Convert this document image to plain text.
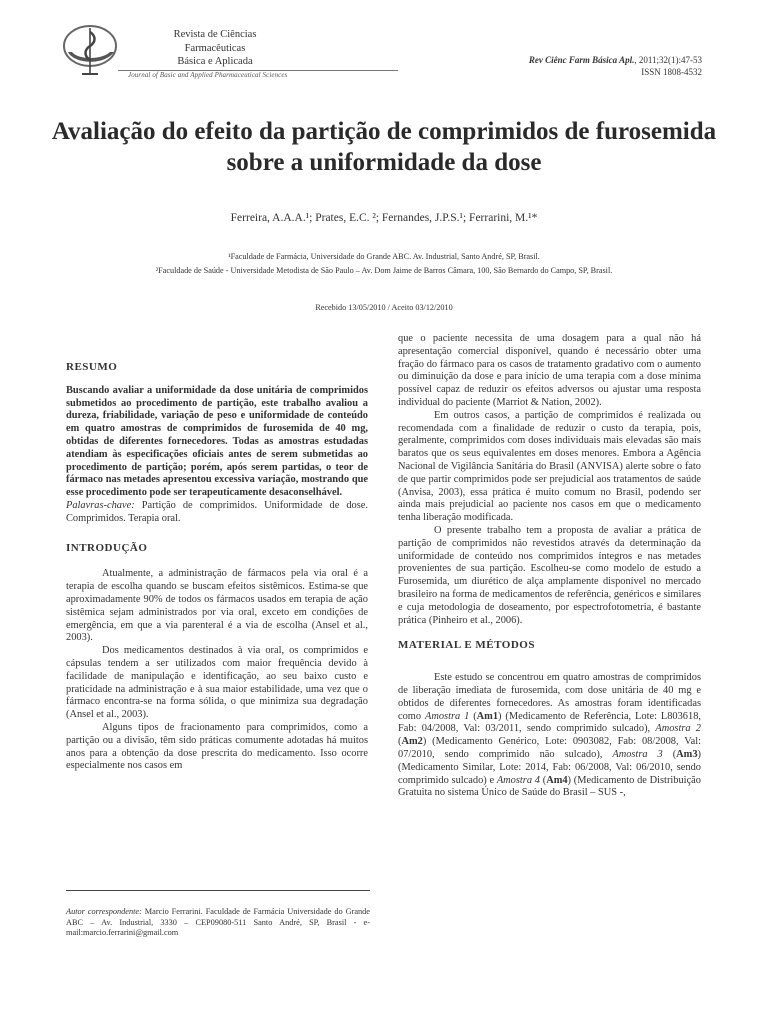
Revista de Ciências
Farmacêuticas
Básica e Aplicada
Journal of Basic and Applied Pharmaceutical Sciences
Rev Ciênc Farm Básica Apl., 2011;32(1):47-53
ISSN 1808-4532
Avaliação do efeito da partição de comprimidos de furosemida sobre a uniformidade da dose
Ferreira, A.A.A.¹; Prates, E.C. ²; Fernandes, J.P.S.¹; Ferrarini, M.¹*
¹Faculdade de Farmácia, Universidade do Grande ABC. Av. Industrial, Santo André, SP, Brasil.
²Faculdade de Saúde - Universidade Metodista de São Paulo – Av. Dom Jaime de Barros Câmara, 100, São Bernardo do Campo, SP, Brasil.
Recebido 13/05/2010 / Aceito 03/12/2010

RESUMO

Buscando avaliar a uniformidade da dose unitária de comprimidos submetidos ao procedimento de partição, este trabalho avaliou a dureza, friabilidade, variação de peso e uniformidade de conteúdo em quatro amostras de comprimidos de furosemida de 40 mg, obtidas de diferentes fornecedores. Todas as amostras estudadas atendiam às especificações oficiais antes de serem submetidas ao procedimento de partição; porém, após serem partidas, o teor de fármaco nas metades apresentou excessiva variação, mostrando que esse procedimento pode ser terapeuticamente desaconselhável.

Palavras-chave: Partição de comprimidos. Uniformidade de dose. Comprimidos. Terapia oral.

INTRODUÇÃO

Atualmente, a administração de fármacos pela via oral é a terapia de escolha quando se buscam efeitos sistêmicos. Estima-se que aproximadamente 90% de todos os fármacos usados em terapia de ação sistêmica sejam administrados por via oral, exceto em condições de emergência, em que a via parenteral é a via de escolha (Ansel et al., 2003).

Dos medicamentos destinados à via oral, os comprimidos e cápsulas tendem a ser utilizados com maior frequência devido à facilidade de manipulação e identificação, ao seu baixo custo e praticidade na administração e à sua maior estabilidade, uma vez que o fármaco encontra-se na forma sólida, o que minimiza sua degradação (Ansel et al., 2003).

Alguns tipos de fracionamento para comprimidos, como a partição ou a divisão, têm sido práticas comumente adotadas há muitos anos para a obtenção da dose prescrita do medicamento. Isso ocorre especialmente nos casos em

Autor correspondente: Marcio Ferrarini. Faculdade de Farmácia Universidade do Grande ABC – Av. Industrial, 3330 – CEP09080-511 Santo André, SP, Brasil - e-mail:marcio.ferrarini@gmail.com

que o paciente necessita de uma dosagem para a qual não há apresentação comercial disponível, quando é necessário obter uma fração do fármaco para os casos de tratamento gradativo com o aumento ou diminuição da dose e para início de uma terapia com a dose mínima possível capaz de reduzir os efeitos adversos ou ajustar uma resposta individual do paciente (Marriot & Nation, 2002).

Em outros casos, a partição de comprimidos é realizada ou recomendada com a finalidade de reduzir o custo da terapia, pois, geralmente, comprimidos com doses individuais mais elevadas são mais baratos que os seus equivalentes em doses menores. Embora a Agência Nacional de Vigilância Sanitária do Brasil (ANVISA) alerte sobre o fato de que partir comprimidos pode ser prejudicial aos tratamentos de saúde (Anvisa, 2003), essa prática é muito comum no Brasil, podendo ser ainda mais prejudicial ao paciente nos casos em que o medicamento tenha liberação modificada.

O presente trabalho tem a proposta de avaliar a prática de partição de comprimidos não revestidos através da determinação da uniformidade de conteúdo nos comprimidos íntegros e nas metades provenientes de sua partição. Escolheu-se como modelo de estudo a Furosemida, um diurético de alça amplamente disponível no mercado brasileiro na forma de medicamentos de referência, genéricos e similares e cuja metodologia de doseamento, por espectrofotometria, é bastante prática (Pinheiro et al., 2006).

MATERIAL E MÉTODOS

Este estudo se concentrou em quatro amostras de comprimidos de liberação imediata de furosemida, com dose unitária de 40 mg e obtidos de diferentes fornecedores. As amostras foram identificadas como Amostra 1 (Am1) (Medicamento de Referência, Lote: L803618, Fab: 04/2008, Val: 03/2011, sendo comprimido sulcado), Amostra 2 (Am2) (Medicamento Genérico, Lote: 0903082, Fab: 08/2008, Val: 07/2010, sendo comprimido não sulcado), Amostra 3 (Am3) (Medicamento Similar, Lote: 2014, Fab: 06/2008, Val: 06/2010, sendo comprimido sulcado) e Amostra 4 (Am4) (Medicamento de Distribuição Gratuita no sistema Único de Saúde do Brasil – SUS -,
